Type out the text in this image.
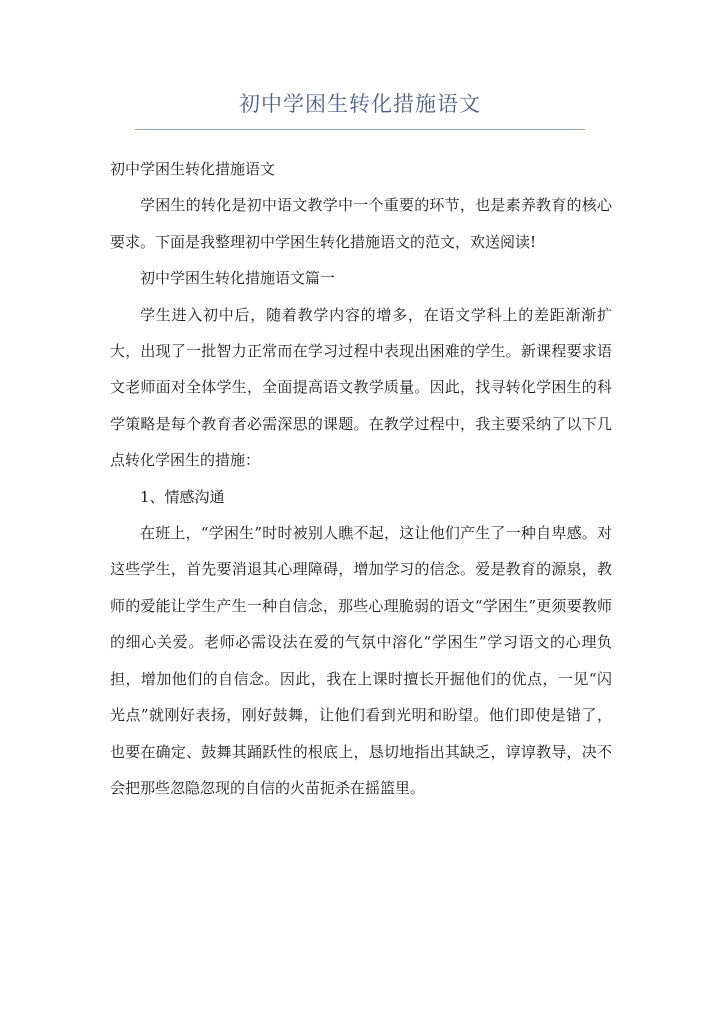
初中学困生转化措施语文

初中学困生转化措施语文

学困生的转化是初中语文教学中一个重要的环节，也是素养教育的核心要求。下面是我整理初中学困生转化措施语文的范文，欢送阅读!

初中学困生转化措施语文篇一

学生进入初中后，随着教学内容的增多，在语文学科上的差距渐渐扩大，出现了一批智力正常而在学习过程中表现出困难的学生。新课程要求语文老师面对全体学生，全面提高语文教学质量。因此，找寻转化学困生的科学策略是每个教育者必需深思的课题。在教学过程中，我主要采纳了以下几点转化学困生的措施：

1、情感沟通

在班上，“学困生”时时被别人瞧不起，这让他们产生了一种自卑感。对这些学生，首先要消退其心理障碍，增加学习的信念。爱是教育的源泉，教师的爱能让学生产生一种自信念，那些心理脆弱的语文“学困生”更须要教师的细心关爱。老师必需设法在爱的气氛中溶化“学困生”学习语文的心理负担，增加他们的自信念。因此，我在上课时擅长开掘他们的优点，一见“闪光点”就刚好表扬，刚好鼓舞，让他们看到光明和盼望。他们即使是错了，也要在确定、鼓舞其踊跃性的根底上，恳切地指出其缺乏，谆谆教导，决不会把那些忽隐忽现的自信的火苗扼杀在摇篮里。
